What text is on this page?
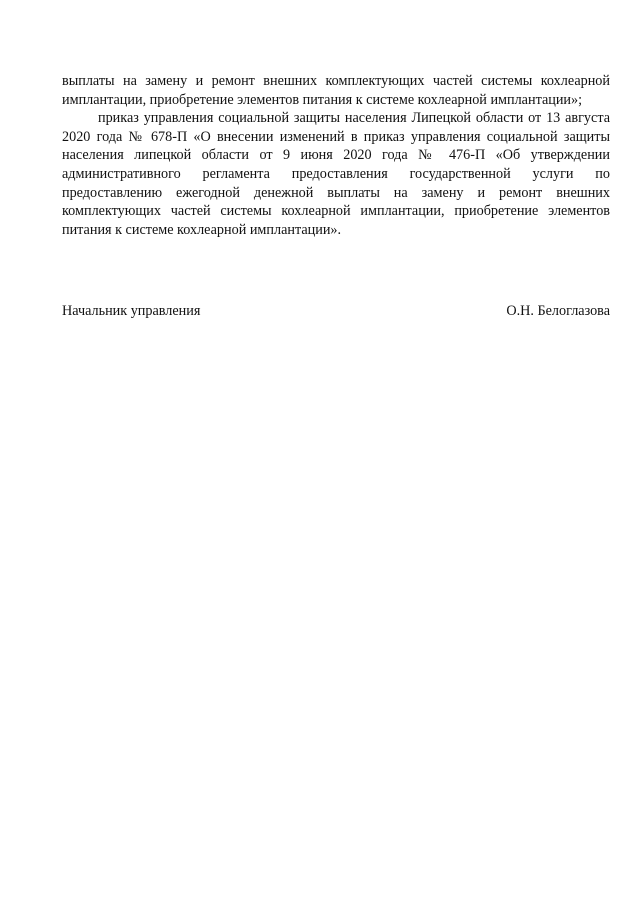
выплаты на замену и ремонт внешних комплектующих частей системы кохлеарной имплантации, приобретение элементов питания к системе кохлеарной имплантации»;

приказ управления социальной защиты населения Липецкой области от 13 августа 2020 года № 678-П «О внесении изменений в приказ управления социальной защиты населения липецкой области от 9 июня 2020 года № 476-П «Об утверждении административного регламента предоставления государственной услуги по предоставлению ежегодной денежной выплаты на замену и ремонт внешних комплектующих частей системы кохлеарной имплантации, приобретение элементов питания к системе кохлеарной имплантации».

Начальник управления	О.Н. Белоглазова
